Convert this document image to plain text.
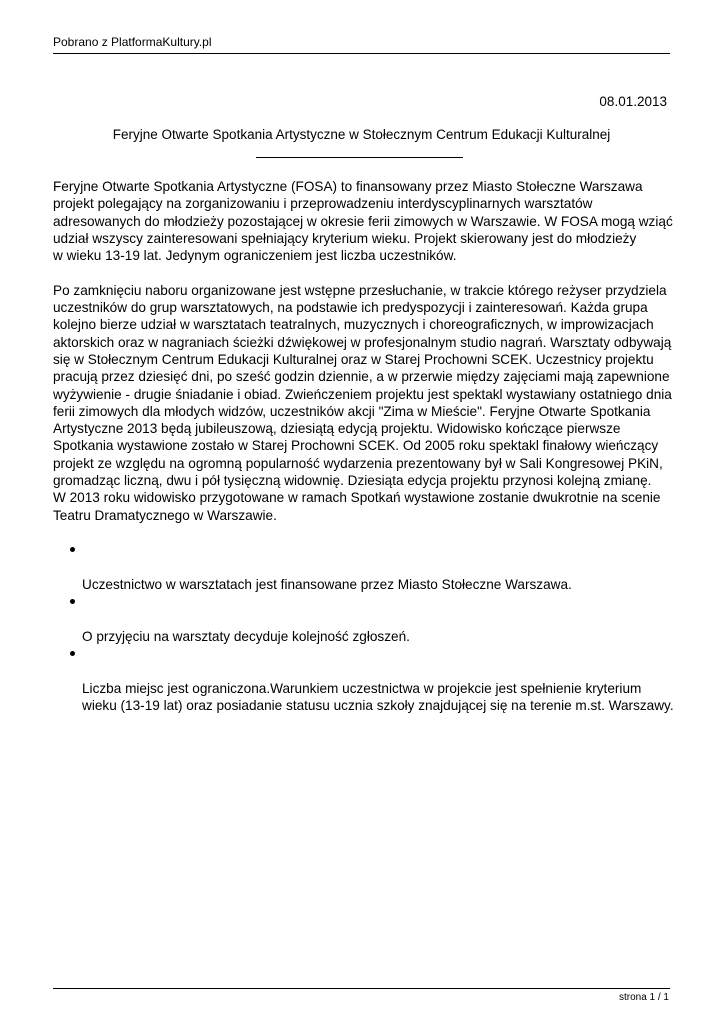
Pobrano z PlatformaKultury.pl
08.01.2013
Feryjne Otwarte Spotkania Artystyczne w Stołecznym Centrum Edukacji Kulturalnej

Feryjne Otwarte Spotkania Artystyczne (FOSA) to finansowany przez Miasto Stołeczne Warszawa
projekt polegający na zorganizowaniu i przeprowadzeniu interdyscyplinarnych warsztatów
adresowanych do młodzieży pozostającej w okresie ferii zimowych w Warszawie. W FOSA mogą wziąć
udział wszyscy zainteresowani spełniający kryterium wieku. Projekt skierowany jest do młodzieży
w wieku 13-19 lat. Jedynym ograniczeniem jest liczba uczestników.

Po zamknięciu naboru organizowane jest wstępne przesłuchanie, w trakcie którego reżyser przydziela
uczestników do grup warsztatowych, na podstawie ich predyspozycji i zainteresowań. Każda grupa
kolejno bierze udział w warsztatach teatralnych, muzycznych i choreograficznych, w improwizacjach
aktorskich oraz w nagraniach ścieżki dźwiękowej w profesjonalnym studio nagrań. Warsztaty odbywają
się w Stołecznym Centrum Edukacji Kulturalnej oraz w Starej Prochowni SCEK. Uczestnicy projektu
pracują przez dziesięć dni, po sześć godzin dziennie, a w przerwie między zajęciami mają zapewnione
wyżywienie - drugie śniadanie i obiad. Zwieńczeniem projektu jest spektakl wystawiany ostatniego dnia
ferii zimowych dla młodych widzów, uczestników akcji "Zima w Mieście". Feryjne Otwarte Spotkania
Artystyczne 2013 będą jubileuszową, dziesiątą edycją projektu. Widowisko kończące pierwsze
Spotkania wystawione zostało w Starej Prochowni SCEK. Od 2005 roku spektakl finałowy wieńczący
projekt ze względu na ogromną popularność wydarzenia prezentowany był w Sali Kongresowej PKiN,
gromadząc liczną, dwu i pół tysięczną widownię. Dziesiąta edycja projektu przynosi kolejną zmianę.
W 2013 roku widowisko przygotowane w ramach Spotkań wystawione zostanie dwukrotnie na scenie
Teatru Dramatycznego w Warszawie.

Uczestnictwo w warsztatach jest finansowane przez Miasto Stołeczne Warszawa.

O przyjęciu na warsztaty decyduje kolejność zgłoszeń.

Liczba miejsc jest ograniczona.Warunkiem uczestnictwa w projekcie jest spełnienie kryterium
wieku (13-19 lat) oraz posiadanie statusu ucznia szkoły znajdującej się na terenie m.st. Warszawy.

strona 1 / 1
